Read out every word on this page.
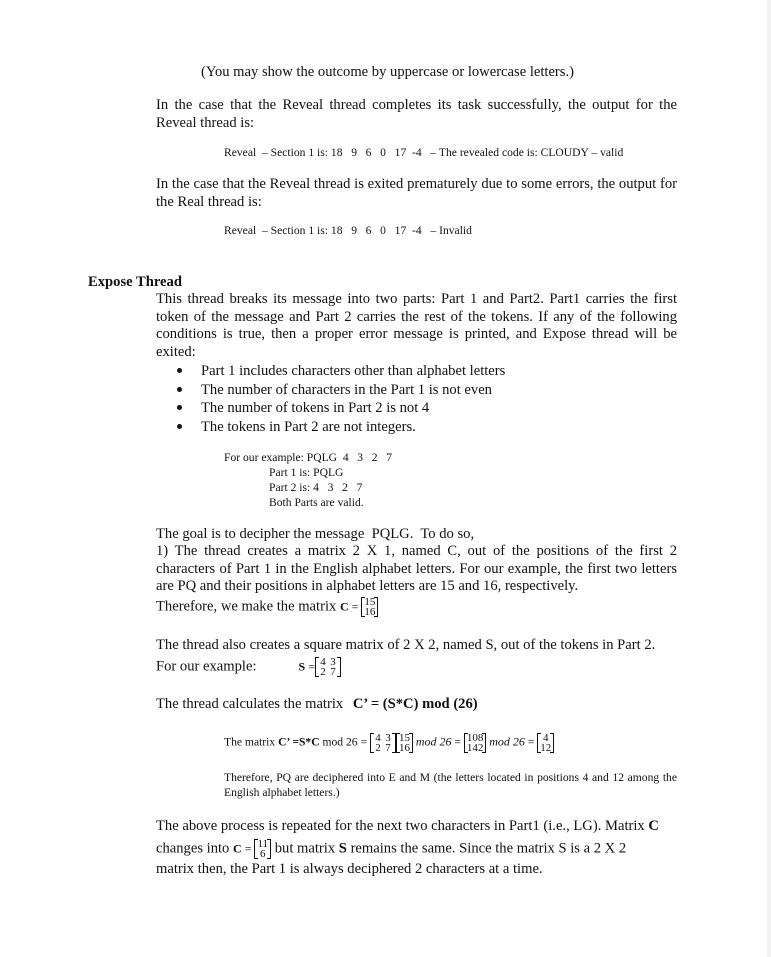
(You may show the outcome by uppercase or lowercase letters.)
In the case that the Reveal thread completes its task successfully, the output for the Reveal thread is:
Reveal  – Section 1 is: 18   9   6   0   17  -4   – The revealed code is: CLOUDY – valid
In the case that the Reveal thread is exited prematurely due to some errors, the output for the Real thread is:
Reveal  – Section 1 is: 18   9   6   0   17  -4   – Invalid
Expose Thread
This thread breaks its message into two parts: Part 1 and Part2. Part1 carries the first token of the message and Part 2 carries the rest of the tokens. If any of the following conditions is true, then a proper error message is printed, and Expose thread will be exited:
Part 1 includes characters other than alphabet letters
The number of characters in the Part 1 is not even
The number of tokens in Part 2 is not 4
The tokens in Part 2 are not integers.
For our example: PQLG  4   3   2   7
Part 1 is: PQLG
Part 2 is: 4   3   2   7
Both Parts are valid.
The goal is to decipher the message  PQLG.  To do so,
1) The thread creates a matrix 2 X 1, named C, out of the positions of the first 2 characters of Part 1 in the English alphabet letters. For our example, the first two letters are PQ and their positions in alphabet letters are 15 and 16, respectively.
Therefore, we make the matrix C = 15
16
The thread also creates a square matrix of 2 X 2, named S, out of the tokens in Part 2.
For our example:	S = 4 3
2 7
The thread calculates the matrix C’ = (S*C) mod (26)
The matrix C’ =S*C mod 26 = 4 3
2 7
15
16 mod 26 = 108
142 mod 26 = 4
12
Therefore, PQ are deciphered into E and M (the letters located in positions 4 and 12 among the English alphabet letters.)
The above process is repeated for the next two characters in Part1 (i.e., LG). Matrix C
changes into C = 11
6 but matrix S remains the same. Since the matrix S is a 2 X 2
matrix then, the Part 1 is always deciphered 2 characters at a time.
